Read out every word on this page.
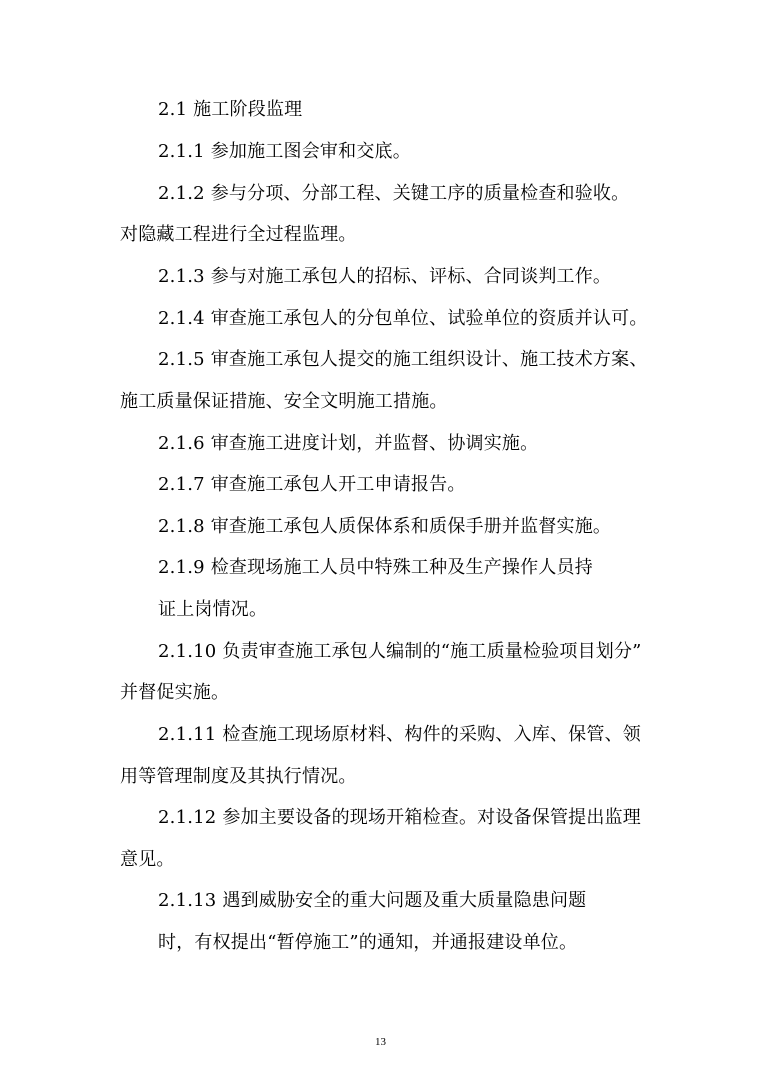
2.1 施工阶段监理
2.1.1 参加施工图会审和交底。
2.1.2 参与分项、分部工程、关键工序的质量检查和验收。
对隐藏工程进行全过程监理。
2.1.3 参与对施工承包人的招标、评标、合同谈判工作。
2.1.4 审查施工承包人的分包单位、试验单位的资质并认可。
2.1.5 审查施工承包人提交的施工组织设计、施工技术方案、
施工质量保证措施、安全文明施工措施。
2.1.6 审查施工进度计划，并监督、协调实施。
2.1.7 审查施工承包人开工申请报告。
2.1.8 审查施工承包人质保体系和质保手册并监督实施。
2.1.9 检查现场施工人员中特殊工种及生产操作人员持
证上岗情况。
2.1.10 负责审查施工承包人编制的“施工质量检验项目划分”
并督促实施。
2.1.11 检查施工现场原材料、构件的采购、入库、保管、领
用等管理制度及其执行情况。
2.1.12 参加主要设备的现场开箱检查。对设备保管提出监理
意见。
2.1.13 遇到威胁安全的重大问题及重大质量隐患问题
时，有权提出“暂停施工”的通知，并通报建设单位。
13
